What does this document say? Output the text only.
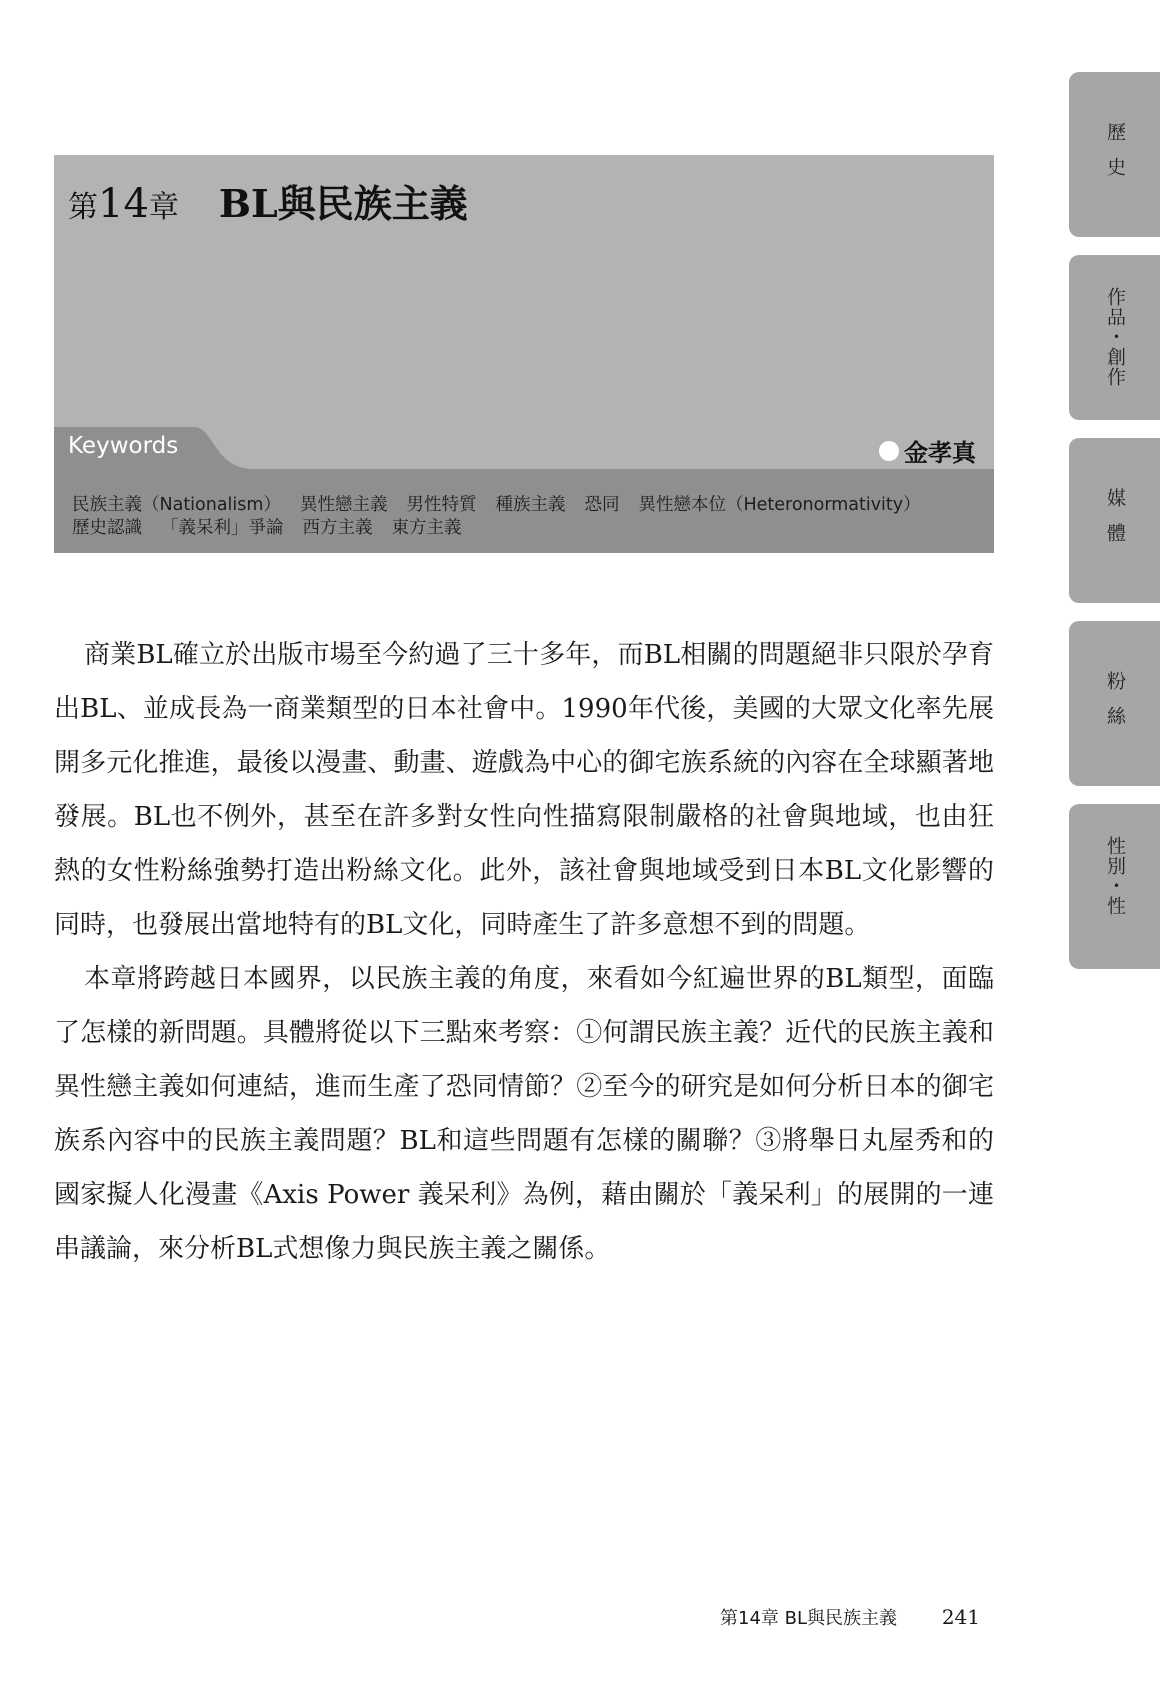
第14章 BL與民族主義
Keywords	金孝真
民族主義（Nationalism） 異性戀主義 男性特質 種族主義 恐同 異性戀本位（Heteronormativity）
歷史認識 「義呆利」爭論 西方主義 東方主義

商業BL確立於出版市場至今約過了三十多年，而BL相關的問題絕非只限於孕育出BL、並成長為一商業類型的日本社會中。1990年代後，美國的大眾文化率先展開多元化推進，最後以漫畫、動畫、遊戲為中心的御宅族系統的內容在全球顯著地發展。BL也不例外，甚至在許多對女性向性描寫限制嚴格的社會與地域，也由狂熱的女性粉絲強勢打造出粉絲文化。此外，該社會與地域受到日本BL文化影響的同時，也發展出當地特有的BL文化，同時產生了許多意想不到的問題。

本章將跨越日本國界，以民族主義的角度，來看如今紅遍世界的BL類型，面臨了怎樣的新問題。具體將從以下三點來考察：①何謂民族主義？近代的民族主義和異性戀主義如何連結，進而生產了恐同情節？②至今的研究是如何分析日本的御宅族系內容中的民族主義問題？BL和這些問題有怎樣的關聯？③將舉日丸屋秀和的國家擬人化漫畫《Axis Power 義呆利》為例，藉由關於「義呆利」的展開的一連串議論，來分析BL式想像力與民族主義之關係。

歷史
作品・創作
媒體
粉絲
性別・性
第14章 BL與民族主義 241
